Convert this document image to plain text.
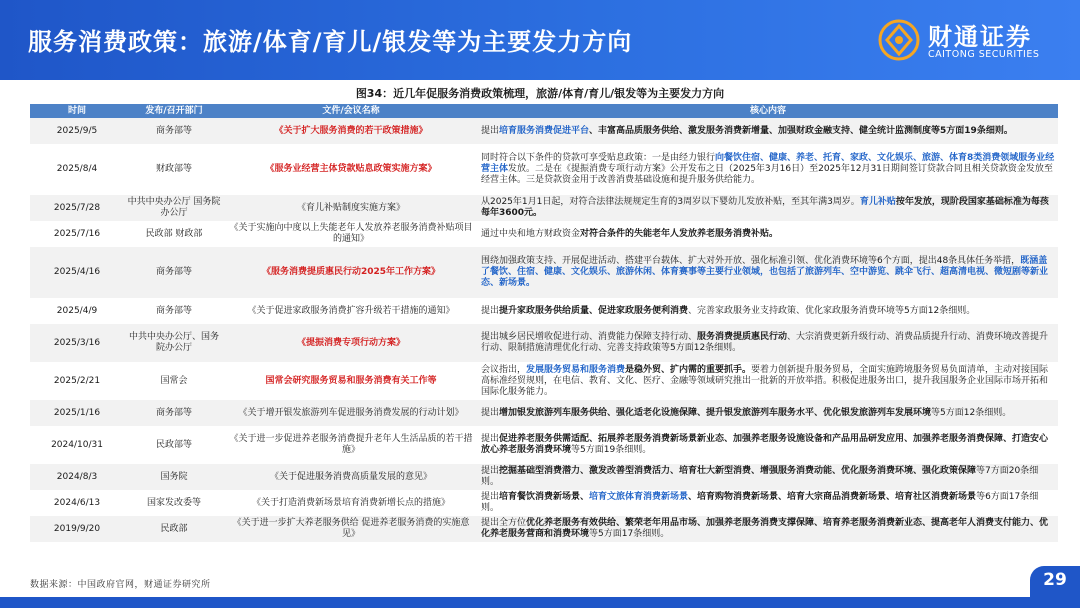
服务消费政策：旅游/体育/育儿/银发等为主要发力方向	财通证券
CAITONG SECURITIES
图34：近几年促服务消费政策梳理，旅游/体育/育儿/银发等为主要发力方向
时间	发布/召开部门	文件/会议名称	核心内容
2025/9/5	商务部等	《关于扩大服务消费的若干政策措施》	提出培育服务消费促进平台、丰富高品质服务供给、激发服务消费新增量、加强财政金融支持、健全统计监测制度等5方面19条细则。
2025/8/4	财政部等	《服务业经营主体贷款贴息政策实施方案》	同时符合以下条件的贷款可享受贴息政策：一是由经力银行向餐饮住宿、健康、养老、托育、家政、文化娱乐、旅游、体育8类消费领域服务业经营主体发放。二是在《提振消费专项行动方案》公开发布之日（2025年3月16日）至2025年12月31日期间签订贷款合同且相关贷款资金发放至经营主体。三是贷款资金用于改善消费基础设施和提升服务供给能力。
2025/7/28	中共中央办公厅 国务院办公厅	《育儿补贴制度实施方案》	从2025年1月1日起，对符合法律法规规定生育的3周岁以下婴幼儿发放补贴，至其年满3周岁。育儿补贴按年发放，现阶段国家基础标准为每孩每年3600元。
2025/7/16	民政部 财政部	《关于实施向中度以上失能老年人发放养老服务消费补贴项目的通知》	通过中央和地方财政资金对符合条件的失能老年人发放养老服务消费补贴。
2025/4/16	商务部等	《服务消费提质惠民行动2025年工作方案》	围绕加强政策支持、开展促进活动、搭建平台载体、扩大对外开放、强化标准引领、优化消费环境等6个方面，提出48条具体任务举措，既涵盖了餐饮、住宿、健康、文化娱乐、旅游休闲、体育赛事等主要行业领域，也包括了旅游列车、空中游览、跳伞飞行、超高清电视、微短剧等新业态、新场景。
2025/4/9	商务部等	《关于促进家政服务消费扩容升级若干措施的通知》	提出提升家政服务供给质量、促进家政服务便利消费、完善家政服务业支持政策、优化家政服务消费环境等5方面12条细则。
2025/3/16	中共中央办公厅、国务院办公厅	《提振消费专项行动方案》	提出城乡居民增收促进行动、消费能力保障支持行动、服务消费提质惠民行动、大宗消费更新升级行动、消费品质提升行动、消费环境改善提升行动、限制措施清理优化行动、完善支持政策等5方面12条细则。
2025/2/21	国常会	国常会研究服务贸易和服务消费有关工作等	会议指出，发展服务贸易和服务消费是稳外贸、扩内需的重要抓手。要着力创新提升服务贸易，全面实施跨境服务贸易负面清单，主动对接国际高标准经贸规则，在电信、教育、文化、医疗、金融等领域研究推出一批新的开放举措。积极促进服务出口，提升我国服务企业国际市场开拓和国际化服务能力。
2025/1/16	商务部等	《关于增开银发旅游列车促进服务消费发展的行动计划》	提出增加银发旅游列车服务供给、强化适老化设施保障、提升银发旅游列车服务水平、优化银发旅游列车发展环境等5方面12条细则。
2024/10/31	民政部等	《关于进一步促进养老服务消费提升老年人生活品质的若干措施》	提出促进养老服务供需适配、拓展养老服务消费新场景新业态、加强养老服务设施设备和产品用品研发应用、加强养老服务消费保障、打造安心放心养老服务消费环境等5方面19条细则。
2024/8/3	国务院	《关于促进服务消费高质量发展的意见》	提出挖掘基础型消费潜力、激发改善型消费活力、培育壮大新型消费、增强服务消费动能、优化服务消费环境、强化政策保障等7方面20条细则。
2024/6/13	国家发改委等	《关于打造消费新场景培育消费新增长点的措施》	提出培育餐饮消费新场景、培育文旅体育消费新场景、培育购物消费新场景、培育大宗商品消费新场景、培育社区消费新场景等6方面17条细则。
2019/9/20	民政部	《关于进一步扩大养老服务供给 促进养老服务消费的实施意见》	提出全方位优化养老服务有效供给、繁荣老年用品市场、加强养老服务消费支撑保障、培育养老服务消费新业态、提高老年人消费支付能力、优化养老服务营商和消费环境等5方面17条细则。
数据来源：中国政府官网，财通证券研究所	29
